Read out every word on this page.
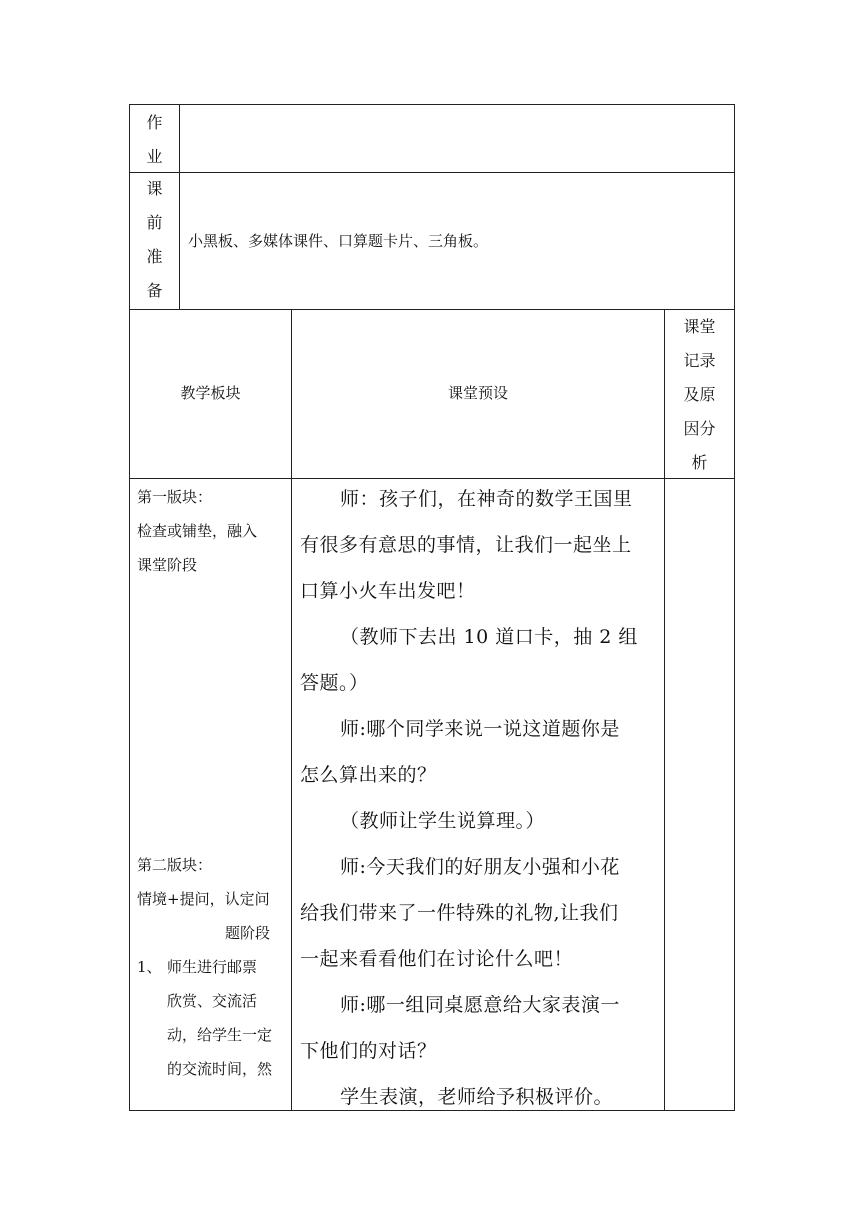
作
业
课
前
准
备
小黑板、多媒体课件、口算题卡片、三角板。
教学板块	课堂预设
课堂
记录
及原
因分
析

第一版块：

检查或铺垫，融入

课堂阶段

第二版块：

情境+提问，认定问

题阶段

1、 师生进行邮票

欣赏、交流活

动，给学生一定

的交流时间，然

师：孩子们，在神奇的数学王国里

有很多有意思的事情，让我们一起坐上

口算小火车出发吧！

（教师下去出 10 道口卡，抽 2 组

答题。）

师:哪个同学来说一说这道题你是

怎么算出来的？

（教师让学生说算理。）

师:今天我们的好朋友小强和小花

给我们带来了一件特殊的礼物,让我们

一起来看看他们在讨论什么吧！

师:哪一组同桌愿意给大家表演一

下他们的对话？

学生表演，老师给予积极评价。
